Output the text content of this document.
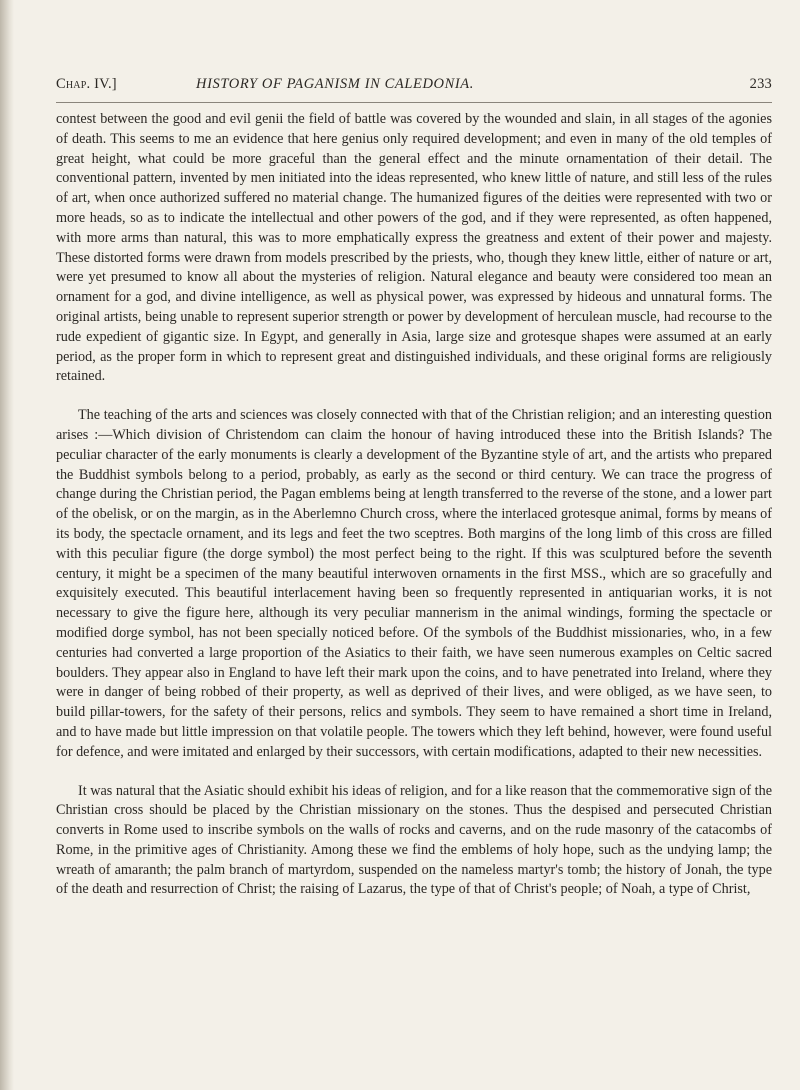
Chap. IV.]	HISTORY OF PAGANISM IN CALEDONIA.	233

contest between the good and evil genii the field of battle was covered by the wounded and slain, in all stages of the agonies of death. This seems to me an evidence that here genius only required development; and even in many of the old temples of great height, what could be more graceful than the general effect and the minute ornamentation of their detail. The conventional pattern, invented by men initiated into the ideas represented, who knew little of nature, and still less of the rules of art, when once authorized suffered no material change. The humanized figures of the deities were represented with two or more heads, so as to indicate the intellectual and other powers of the god, and if they were represented, as often happened, with more arms than natural, this was to more emphatically express the greatness and extent of their power and majesty. These distorted forms were drawn from models prescribed by the priests, who, though they knew little, either of nature or art, were yet presumed to know all about the mysteries of religion. Natural elegance and beauty were considered too mean an ornament for a god, and divine intelligence, as well as physical power, was expressed by hideous and unnatural forms. The original artists, being unable to represent superior strength or power by development of herculean muscle, had recourse to the rude expedient of gigantic size. In Egypt, and generally in Asia, large size and grotesque shapes were assumed at an early period, as the proper form in which to represent great and distinguished individuals, and these original forms are religiously retained.

The teaching of the arts and sciences was closely connected with that of the Christian religion; and an interesting question arises :—Which division of Christendom can claim the honour of having introduced these into the British Islands? The peculiar character of the early monuments is clearly a development of the Byzantine style of art, and the artists who prepared the Buddhist symbols belong to a period, probably, as early as the second or third century. We can trace the progress of change during the Christian period, the Pagan emblems being at length transferred to the reverse of the stone, and a lower part of the obelisk, or on the margin, as in the Aberlemno Church cross, where the interlaced grotesque animal, forms by means of its body, the spectacle ornament, and its legs and feet the two sceptres. Both margins of the long limb of this cross are filled with this peculiar figure (the dorge symbol) the most perfect being to the right. If this was sculptured before the seventh century, it might be a specimen of the many beautiful interwoven ornaments in the first MSS., which are so gracefully and exquisitely executed. This beautiful interlacement having been so frequently represented in antiquarian works, it is not necessary to give the figure here, although its very peculiar mannerism in the animal windings, forming the spectacle or modified dorge symbol, has not been specially noticed before. Of the symbols of the Buddhist missionaries, who, in a few centuries had converted a large proportion of the Asiatics to their faith, we have seen numerous examples on Celtic sacred boulders. They appear also in England to have left their mark upon the coins, and to have penetrated into Ireland, where they were in danger of being robbed of their property, as well as deprived of their lives, and were obliged, as we have seen, to build pillar-towers, for the safety of their persons, relics and symbols. They seem to have remained a short time in Ireland, and to have made but little impression on that volatile people. The towers which they left behind, however, were found useful for defence, and were imitated and enlarged by their successors, with certain modifications, adapted to their new necessities.

It was natural that the Asiatic should exhibit his ideas of religion, and for a like reason that the commemorative sign of the Christian cross should be placed by the Christian missionary on the stones. Thus the despised and persecuted Christian converts in Rome used to inscribe symbols on the walls of rocks and caverns, and on the rude masonry of the catacombs of Rome, in the primitive ages of Christianity. Among these we find the emblems of holy hope, such as the undying lamp; the wreath of amaranth; the palm branch of martyrdom, suspended on the nameless martyr's tomb; the history of Jonah, the type of the death and resurrection of Christ; the raising of Lazarus, the type of that of Christ's people; of Noah, a type of Christ,
